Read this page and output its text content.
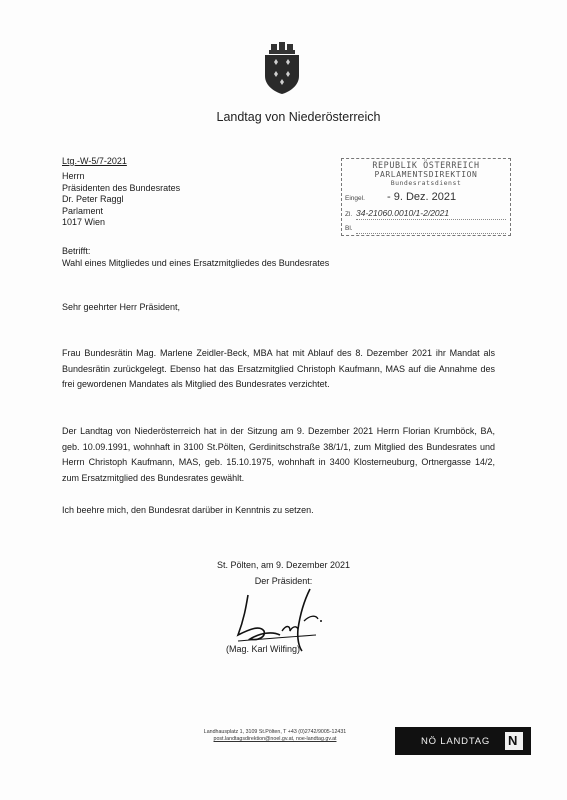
Landtag von Niederösterreich
Ltg.-W-5/7-2021
Herrn
Präsidenten des Bundesrates
Dr. Peter Raggl
Parlament
1017 Wien
REPUBLIK ÖSTERREICH
PARLAMENTSDIREKTION
Bundesratsdienst
Eingel. - 9. Dez. 2021
Zl. 34-21060.0010/1-2/2021
Bl.
Betrifft:
Wahl eines Mitgliedes und eines Ersatzmitgliedes des Bundesrates
Sehr geehrter Herr Präsident,
Frau Bundesrätin Mag. Marlene Zeidler-Beck, MBA hat mit Ablauf des 8. Dezember 2021 ihr Mandat als Bundesrätin zurückgelegt. Ebenso hat das Ersatzmitglied Christoph Kaufmann, MAS auf die Annahme des frei gewordenen Mandates als Mitglied des Bundesrates verzichtet.
Der Landtag von Niederösterreich hat in der Sitzung am 9. Dezember 2021 Herrn Florian Krumböck, BA, geb. 10.09.1991, wohnhaft in 3100 St.Pölten, Gerdinitschstraße 38/1/1, zum Mitglied des Bundesrates und Herrn Christoph Kaufmann, MAS, geb. 15.10.1975, wohnhaft in 3400 Klosterneuburg, Ortnergasse 14/2, zum Ersatzmitglied des Bundesrates gewählt.
Ich beehre mich, den Bundesrat darüber in Kenntnis zu setzen.
St. Pölten, am 9. Dezember 2021
Der Präsident:
(Mag. Karl Wilfing)
Landhausplatz 1, 3109 St.Pölten, T +43 (0)2742/9005-12431
post.landtagsdirektion@noel.gv.at, noe-landtag.gv.at	NÖ LANDTAG N
